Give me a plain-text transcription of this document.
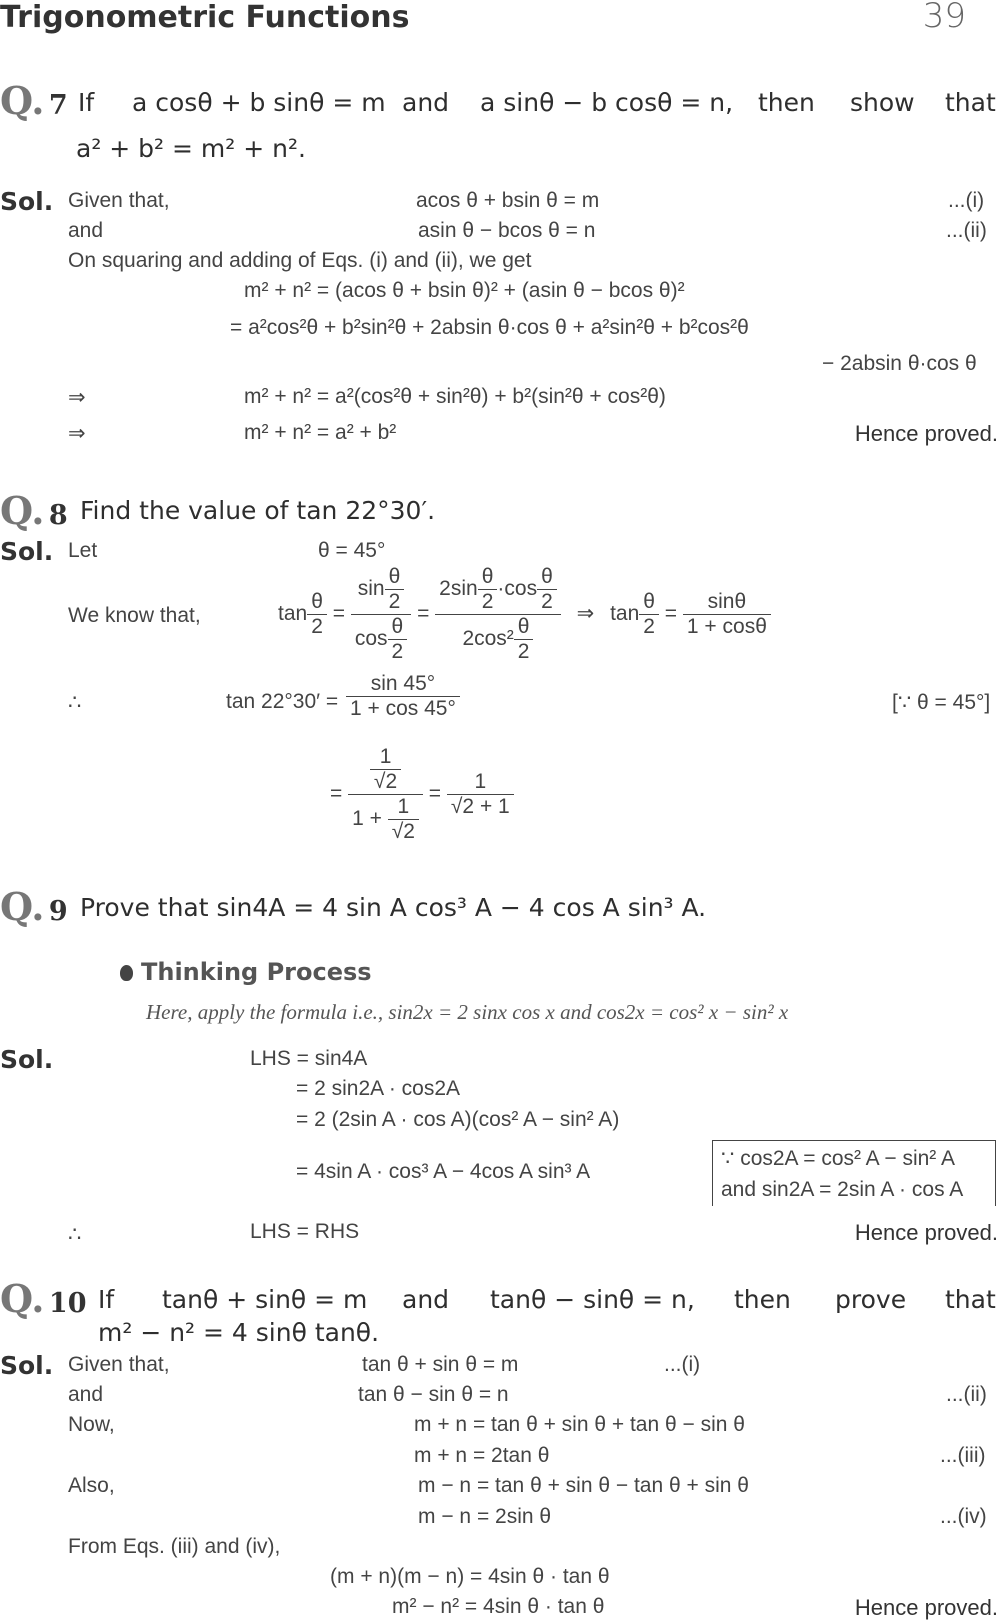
Trigonometric Functions	39
Q. 7 If a cosθ + b sinθ = m and a sinθ − b cosθ = n, then show that
a² + b² = m² + n².
Sol. Given that,	acos θ + bsin θ = m	...(i)
and	asin θ − bcos θ = n	...(ii)
On squaring and adding of Eqs. (i) and (ii), we get
m² + n² = (acos θ + bsin θ)² + (asin θ − bcos θ)²
= a²cos²θ + b²sin²θ + 2absin θ·cos θ + a²sin²θ + b²cos²θ
− 2absin θ·cos θ
⇒	m² + n² = a²(cos²θ + sin²θ) + b²(sin²θ + cos²θ)
⇒	m² + n² = a² + b²	Hence proved.
Q. 8 Find the value of tan 22°30′.
Sol. Let	θ = 45°
We know that,	$\tan \frac{\theta}{2} = \frac{\sin \frac{\theta}{2}}{\cos \frac{\theta}{2}} = \frac{2\sin \frac{\theta}{2} \cdot\cos \frac{\theta}{2}}{2\cos^2 \frac{\theta}{2}}$ ⇒ $\tan \frac{\theta}{2} = \frac{\sin\theta}{1 + \cos\theta}$
∴	$\tan 22^\circ 30' = \frac{\sin 45^\circ}{1 + \cos 45^\circ}$	[∵ θ = 45°]
= $\frac{\frac{1}{√2}}{1 + \frac{1}{√2}} = \frac{1}{√2 + 1}$
Q. 9 Prove that sin4A = 4 sin A cos³ A − 4 cos A sin³ A.
Thinking Process
Here, apply the formula i.e., sin2x = 2 sinx cos x and cos2x = cos² x − sin² x
Sol.	LHS = sin4A
= 2 sin2A · cos2A
= 2 (2sin A · cos A)(cos² A − sin² A)
= 4sin A · cos³ A − 4cos A sin³ A
∵ cos2A = cos² A − sin² A
and sin2A = 2sin A · cos A
∴	LHS = RHS	Hence proved.
Q. 10 If tanθ + sinθ = m and tanθ − sinθ = n, then prove that
m² − n² = 4 sinθ tanθ.
Sol. Given that,	tan θ + sin θ = m	...(i)
and	tan θ − sin θ = n	...(ii)
Now,	m + n = tan θ + sin θ + tan θ − sin θ
m + n = 2tan θ	...(iii)
Also,	m − n = tan θ + sin θ − tan θ + sin θ
m − n = 2sin θ	...(iv)
From Eqs. (iii) and (iv),
(m + n)(m − n) = 4sin θ · tan θ
m² − n² = 4sin θ · tan θ	Hence proved.
